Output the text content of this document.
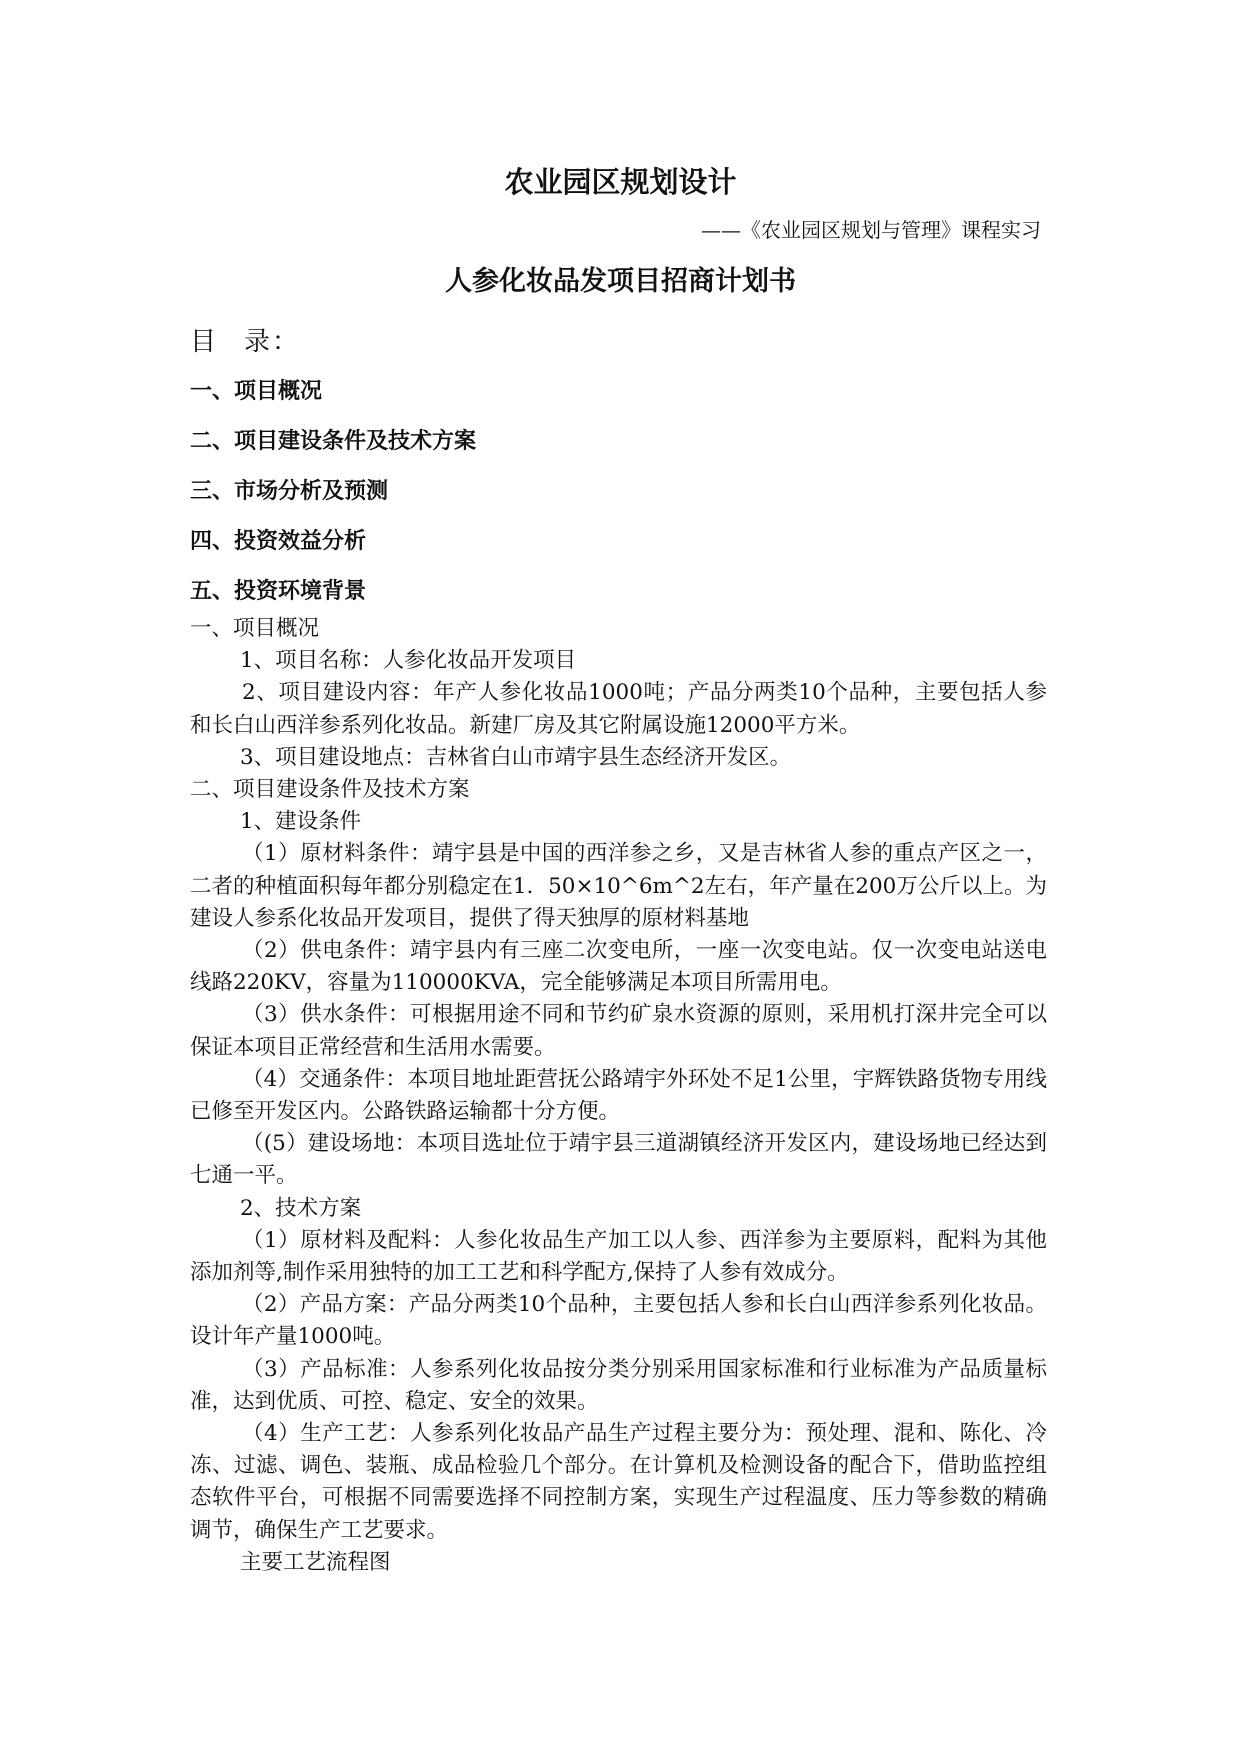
农业园区规划设计
——《农业园区规划与管理》课程实习
人参化妆品发项目招商计划书
目 录：
一、项目概况
二、项目建设条件及技术方案
三、市场分析及预测
四、投资效益分析
五、投资环境背景

一、项目概况

1、项目名称：人参化妆品开发项目

2、项目建设内容：年产人参化妆品1000吨；产品分两类10个品种，主要包括人参和长白山西洋参系列化妆品。新建厂房及其它附属设施12000平方米。

3、项目建设地点：吉林省白山市靖宇县生态经济开发区。

二、项目建设条件及技术方案

1、建设条件

（1）原材料条件：靖宇县是中国的西洋参之乡，又是吉林省人参的重点产区之一，二者的种植面积每年都分别稳定在1．50×10^6m^2左右，年产量在200万公斤以上。为建设人参系化妆品开发项目，提供了得天独厚的原材料基地

（2）供电条件：靖宇县内有三座二次变电所，一座一次变电站。仅一次变电站送电线路220KV，容量为110000KVA，完全能够满足本项目所需用电。

（3）供水条件：可根据用途不同和节约矿泉水资源的原则，采用机打深井完全可以保证本项目正常经营和生活用水需要。

（4）交通条件：本项目地址距营抚公路靖宇外环处不足1公里，宇辉铁路货物专用线已修至开发区内。公路铁路运输都十分方便。

（(5）建设场地：本项目选址位于靖宇县三道湖镇经济开发区内，建设场地已经达到七通一平。

2、技术方案

（1）原材料及配料：人参化妆品生产加工以人参、西洋参为主要原料，配料为其他添加剂等,制作采用独特的加工工艺和科学配方,保持了人参有效成分。

（2）产品方案：产品分两类10个品种，主要包括人参和长白山西洋参系列化妆品。设计年产量1000吨。

（3）产品标准：人参系列化妆品按分类分别采用国家标准和行业标准为产品质量标准，达到优质、可控、稳定、安全的效果。

（4）生产工艺：人参系列化妆品产品生产过程主要分为：预处理、混和、陈化、冷冻、过滤、调色、装瓶、成品检验几个部分。在计算机及检测设备的配合下，借助监控组态软件平台，可根据不同需要选择不同控制方案，实现生产过程温度、压力等参数的精确调节，确保生产工艺要求。

主要工艺流程图
